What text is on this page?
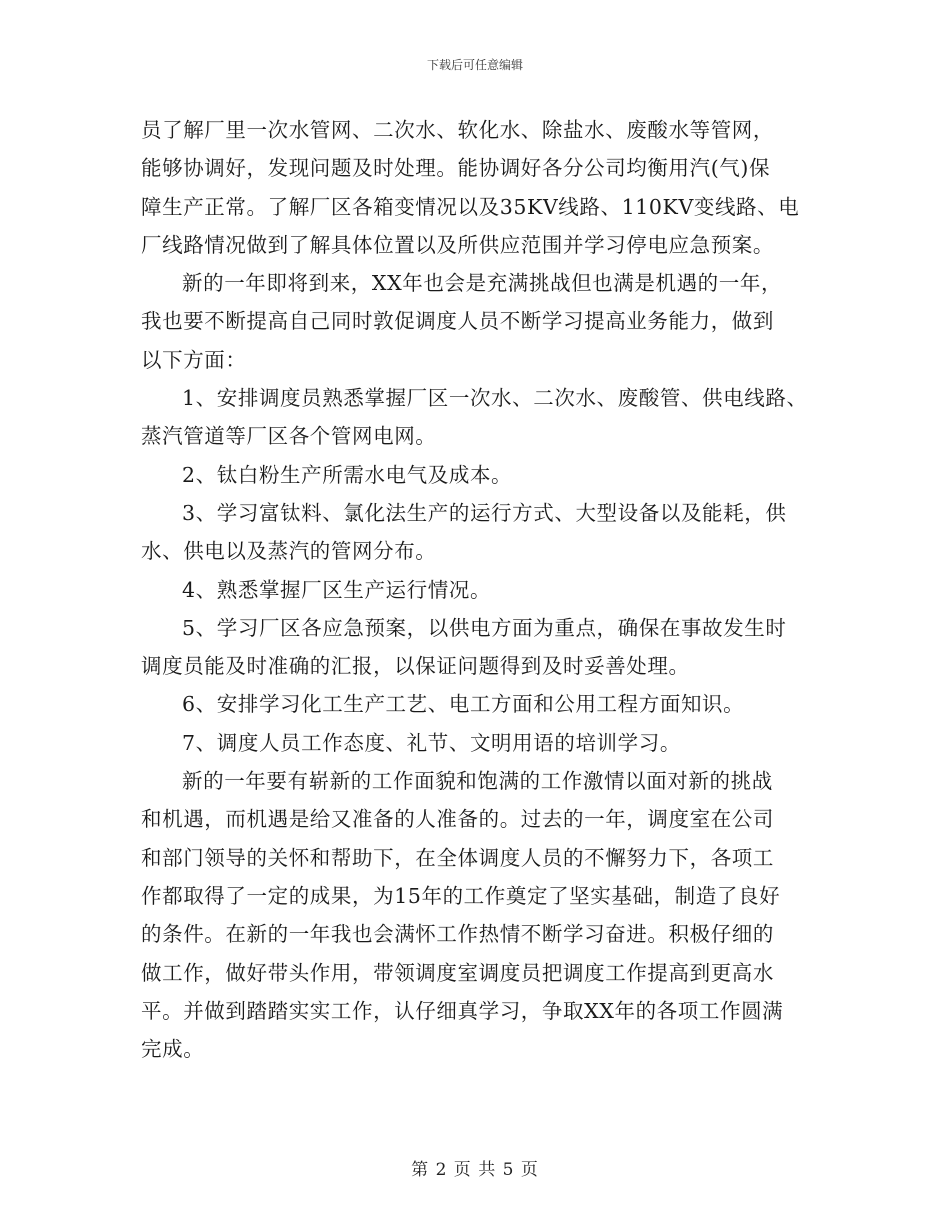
下载后可任意编辑
员了解厂里一次水管网、二次水、软化水、除盐水、废酸水等管网，
能够协调好，发现问题及时处理。能协调好各分公司均衡用汽(气)保
障生产正常。了解厂区各箱变情况以及35KV线路、110KV变线路、电
厂线路情况做到了解具体位置以及所供应范围并学习停电应急预案。
新的一年即将到来，XX年也会是充满挑战但也满是机遇的一年，
我也要不断提高自己同时敦促调度人员不断学习提高业务能力，做到
以下方面：
1、安排调度员熟悉掌握厂区一次水、二次水、废酸管、供电线路、
蒸汽管道等厂区各个管网电网。
2、钛白粉生产所需水电气及成本。
3、学习富钛料、氯化法生产的运行方式、大型设备以及能耗，供
水、供电以及蒸汽的管网分布。
4、熟悉掌握厂区生产运行情况。
5、学习厂区各应急预案，以供电方面为重点，确保在事故发生时
调度员能及时准确的汇报，以保证问题得到及时妥善处理。
6、安排学习化工生产工艺、电工方面和公用工程方面知识。
7、调度人员工作态度、礼节、文明用语的培训学习。
新的一年要有崭新的工作面貌和饱满的工作激情以面对新的挑战
和机遇，而机遇是给又准备的人准备的。过去的一年，调度室在公司
和部门领导的关怀和帮助下，在全体调度人员的不懈努力下，各项工
作都取得了一定的成果，为15年的工作奠定了坚实基础，制造了良好
的条件。在新的一年我也会满怀工作热情不断学习奋进。积极仔细的
做工作，做好带头作用，带领调度室调度员把调度工作提高到更高水
平。并做到踏踏实实工作，认仔细真学习，争取XX年的各项工作圆满
完成。
第 2 页 共 5 页
